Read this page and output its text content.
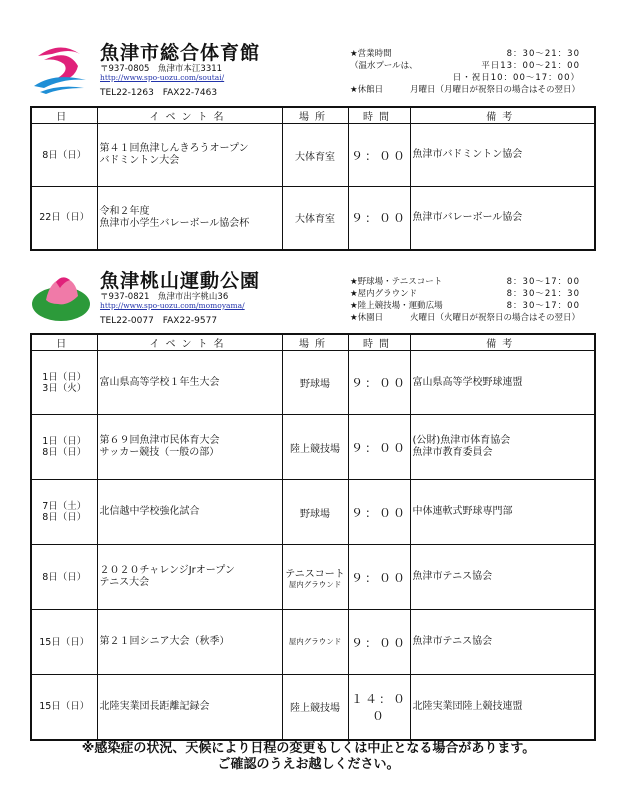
魚津市総合体育館
〒937-0805　魚津市本江3311
http://www.spo-uozu.com/soutai/
TEL22-1263　FAX22-7463
★営業時間	8：30～21：30
（温水プールは、	平日13：00～21：00
日・祝日10：00～17：00）
★休館日	月曜日（月曜日が祝祭日の場合はその翌日）
日	イベント名	場所	時間	備考
8日（日）	第４１回魚津しんきろうオープン
バドミントン大会	大体育室	９：００	魚津市バドミントン協会
22日（日）	令和２年度
魚津市小学生バレーボール協会杯	大体育室	９：００	魚津市バレーボール協会
魚津桃山運動公園
〒937-0821　魚津市出字桃山36
http://www.spo-uozu.com/momoyama/
TEL22-0077　FAX22-9577
★野球場・テニスコート	8：30～17：00
★屋内グラウンド	8：30～21：30
★陸上競技場・運動広場	8：30～17：00
★休園日	火曜日（火曜日が祝祭日の場合はその翌日）
日	イベント名	場所	時間	備考
1日（日）
3日（火）	富山県高等学校１年生大会	野球場	９：００	富山県高等学校野球連盟
1日（日）
8日（日）	第６９回魚津市民体育大会
サッカー競技（一般の部）	陸上競技場	９：００	(公財)魚津市体育協会
魚津市教育委員会
7日（土）
8日（日）	北信越中学校強化試合	野球場	９：００	中体連軟式野球専門部
8日（日）	２０２０チャレンジJrオープン
テニス大会	テニスコート
屋内グラウンド	９：００	魚津市テニス協会
15日（日）	第２１回シニア大会（秋季）	屋内グラウンド	９：００	魚津市テニス協会
15日（日）	北陸実業団長距離記録会	陸上競技場	１４：００	北陸実業団陸上競技連盟
※感染症の状況、天候により日程の変更もしくは中止となる場合があります。
ご確認のうえお越しください。
